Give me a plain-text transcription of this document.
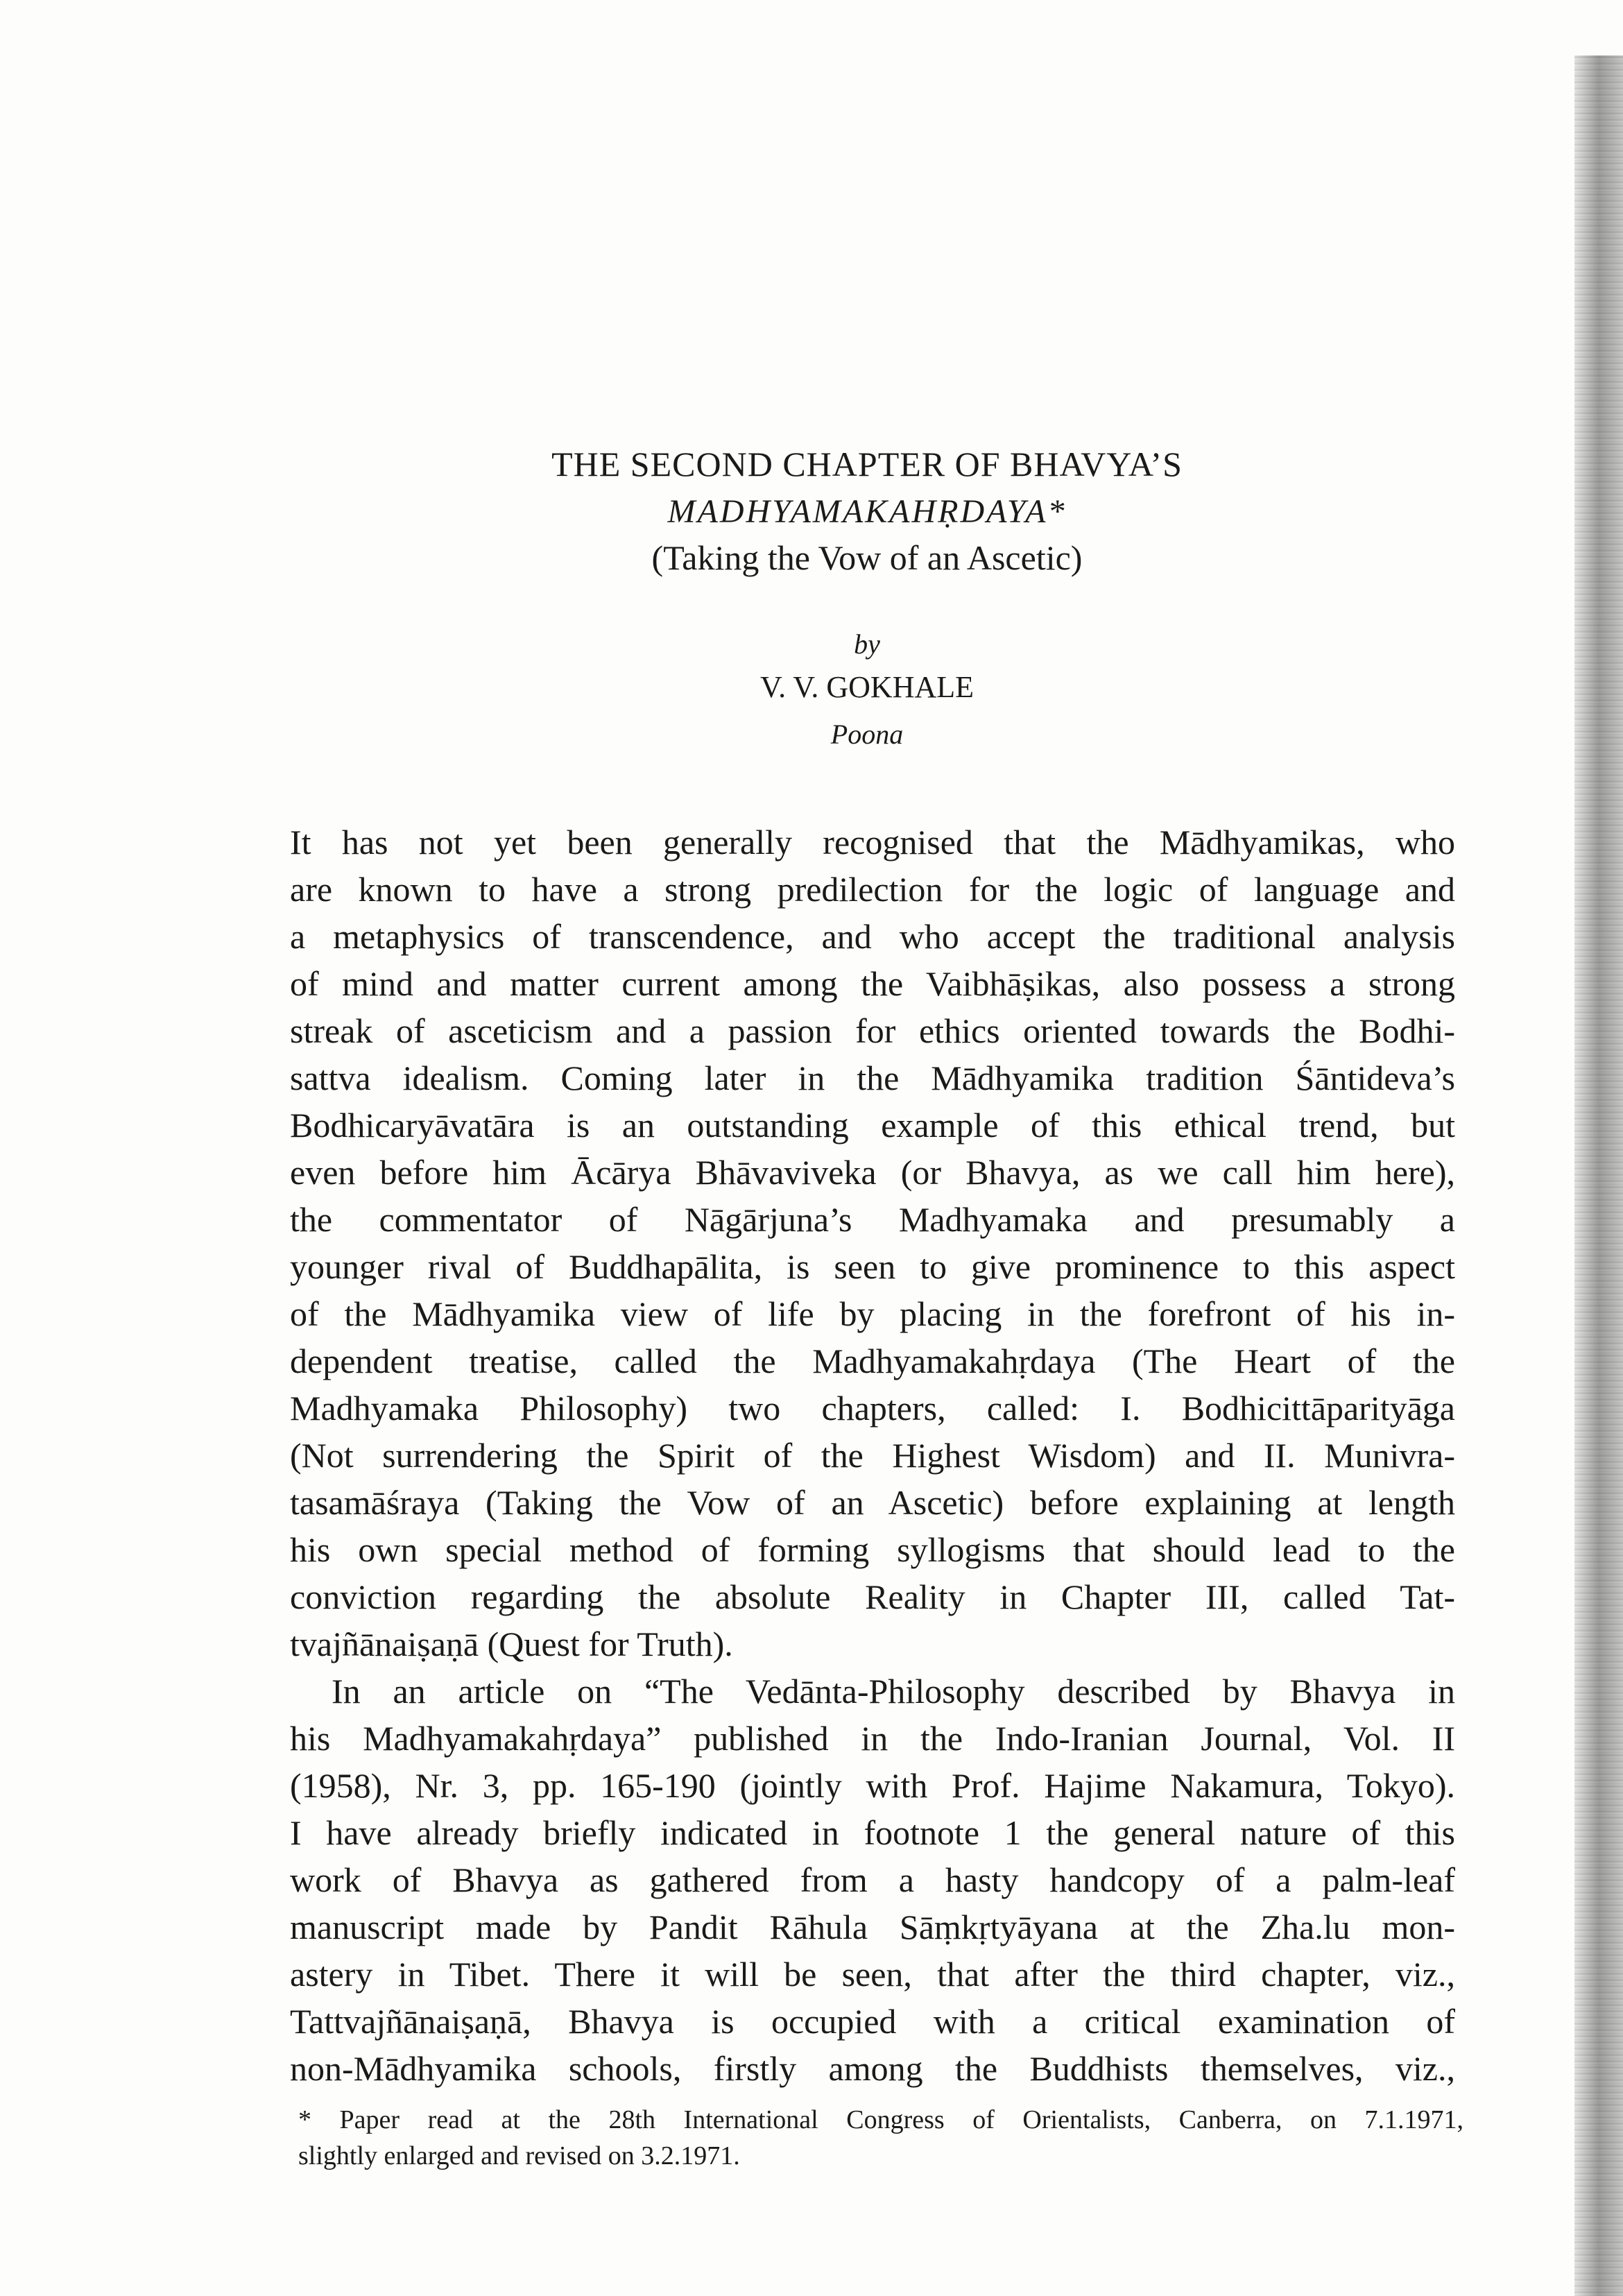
THE SECOND CHAPTER OF BHAVYA’S
MADHYAMAKAHṚDAYA*
(Taking the Vow of an Ascetic)
by
V. V. GOKHALE
Poona
It has not yet been generally recognised that the Mādhyamikas, who
are known to have a strong predilection for the logic of language and
a metaphysics of transcendence, and who accept the traditional analysis
of mind and matter current among the Vaibhāṣikas, also possess a strong
streak of asceticism and a passion for ethics oriented towards the Bodhi-
sattva idealism. Coming later in the Mādhyamika tradition Śāntideva’s
Bodhicaryāvatāra is an outstanding example of this ethical trend, but
even before him Ācārya Bhāvaviveka (or Bhavya, as we call him here),
the commentator of Nāgārjuna’s Madhyamaka and presumably a
younger rival of Buddhapālita, is seen to give prominence to this aspect
of the Mādhyamika view of life by placing in the forefront of his in-
dependent treatise, called the Madhyamakahṛdaya (The Heart of the
Madhyamaka Philosophy) two chapters, called: I. Bodhicittāparityāga
(Not surrendering the Spirit of the Highest Wisdom) and II. Munivra-
tasamāśraya (Taking the Vow of an Ascetic) before explaining at length
his own special method of forming syllogisms that should lead to the
conviction regarding the absolute Reality in Chapter III, called Tat-
tvajñānaiṣaṇā (Quest for Truth).
In an article on “The Vedānta-Philosophy described by Bhavya in
his Madhyamakahṛdaya” published in the Indo-Iranian Journal, Vol. II
(1958), Nr. 3, pp. 165-190 (jointly with Prof. Hajime Nakamura, Tokyo).
I have already briefly indicated in footnote 1 the general nature of this
work of Bhavya as gathered from a hasty handcopy of a palm-leaf
manuscript made by Pandit Rāhula Sāṃkṛtyāyana at the Zha.lu mon-
astery in Tibet. There it will be seen, that after the third chapter, viz.,
Tattvajñānaiṣaṇā, Bhavya is occupied with a critical examination of
non-Mādhyamika schools, firstly among the Buddhists themselves, viz.,
* Paper read at the 28th International Congress of Orientalists, Canberra, on 7.1.1971,
slightly enlarged and revised on 3.2.1971.
